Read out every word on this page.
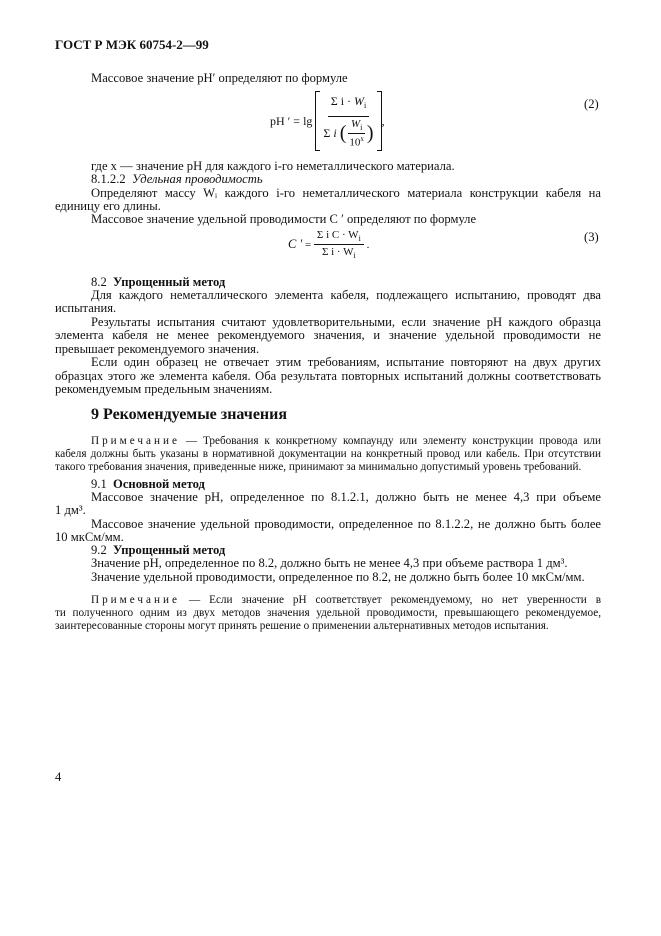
ГОСТ Р МЭК 60754-2—99
Массовое значение pH′ определяют по формуле
pH ′
=
lg
Σ $i \cdot W_i$
Σ
i
( $\frac{W_i}{10^x}$ ) ,
(2)
где x — значение pH для каждого i-го неметаллического материала.
8.1.2.2 Удельная проводимость
Определяют массу Wᵢ каждого i-го неметаллического материала конструкции кабеля на
единицу его длины.
Массовое значение удельной проводимости C ′ определяют по формуле
C ′
=
$\frac{\Sigma i C \cdot W_i}{\Sigma i \cdot W_i}$
.
(3)
8.2 Упрощенный метод
Для каждого неметаллического элемента кабеля, подлежащего испытанию, проводят два
испытания.
Результаты испытания считают удовлетворительными, если значение pH каждого образца
элемента кабеля не менее рекомендуемого значения, и значение удельной проводимости не
превышает рекомендуемого значения.
Если один образец не отвечает этим требованиям, испытание повторяют на двух других
образцах этого же элемента кабеля. Оба результата повторных испытаний должны соответствовать
рекомендуемым предельным значениям.
9 Рекомендуемые значения
Примечание — Требования к конкретному компаунду или элементу конструкции провода или
кабеля должны быть указаны в нормативной документации на конкретный провод или кабель. При отсутствии
такого требования значения, приведенные ниже, принимают за минимально допустимый уровень требований.
9.1 Основной метод
Массовое значение pH, определенное по 8.1.2.1, должно быть не менее 4,3 при объеме
1 дм³.
Массовое значение удельной проводимости, определенное по 8.1.2.2, не должно быть более
10 мкСм/мм.
9.2 Упрощенный метод
Значение pH, определенное по 8.2, должно быть не менее 4,3 при объеме раствора 1 дм³.
Значение удельной проводимости, определенное по 8.2, не должно быть более 10 мкСм/мм.
Примечание — Если значение pH соответствует рекомендуемому, но нет уверенности в
ти полученного одним из двух методов значения удельной проводимости, превышающего рекомендуемое,
заинтересованные стороны могут принять решение о применении альтернативных методов испытания.
4
